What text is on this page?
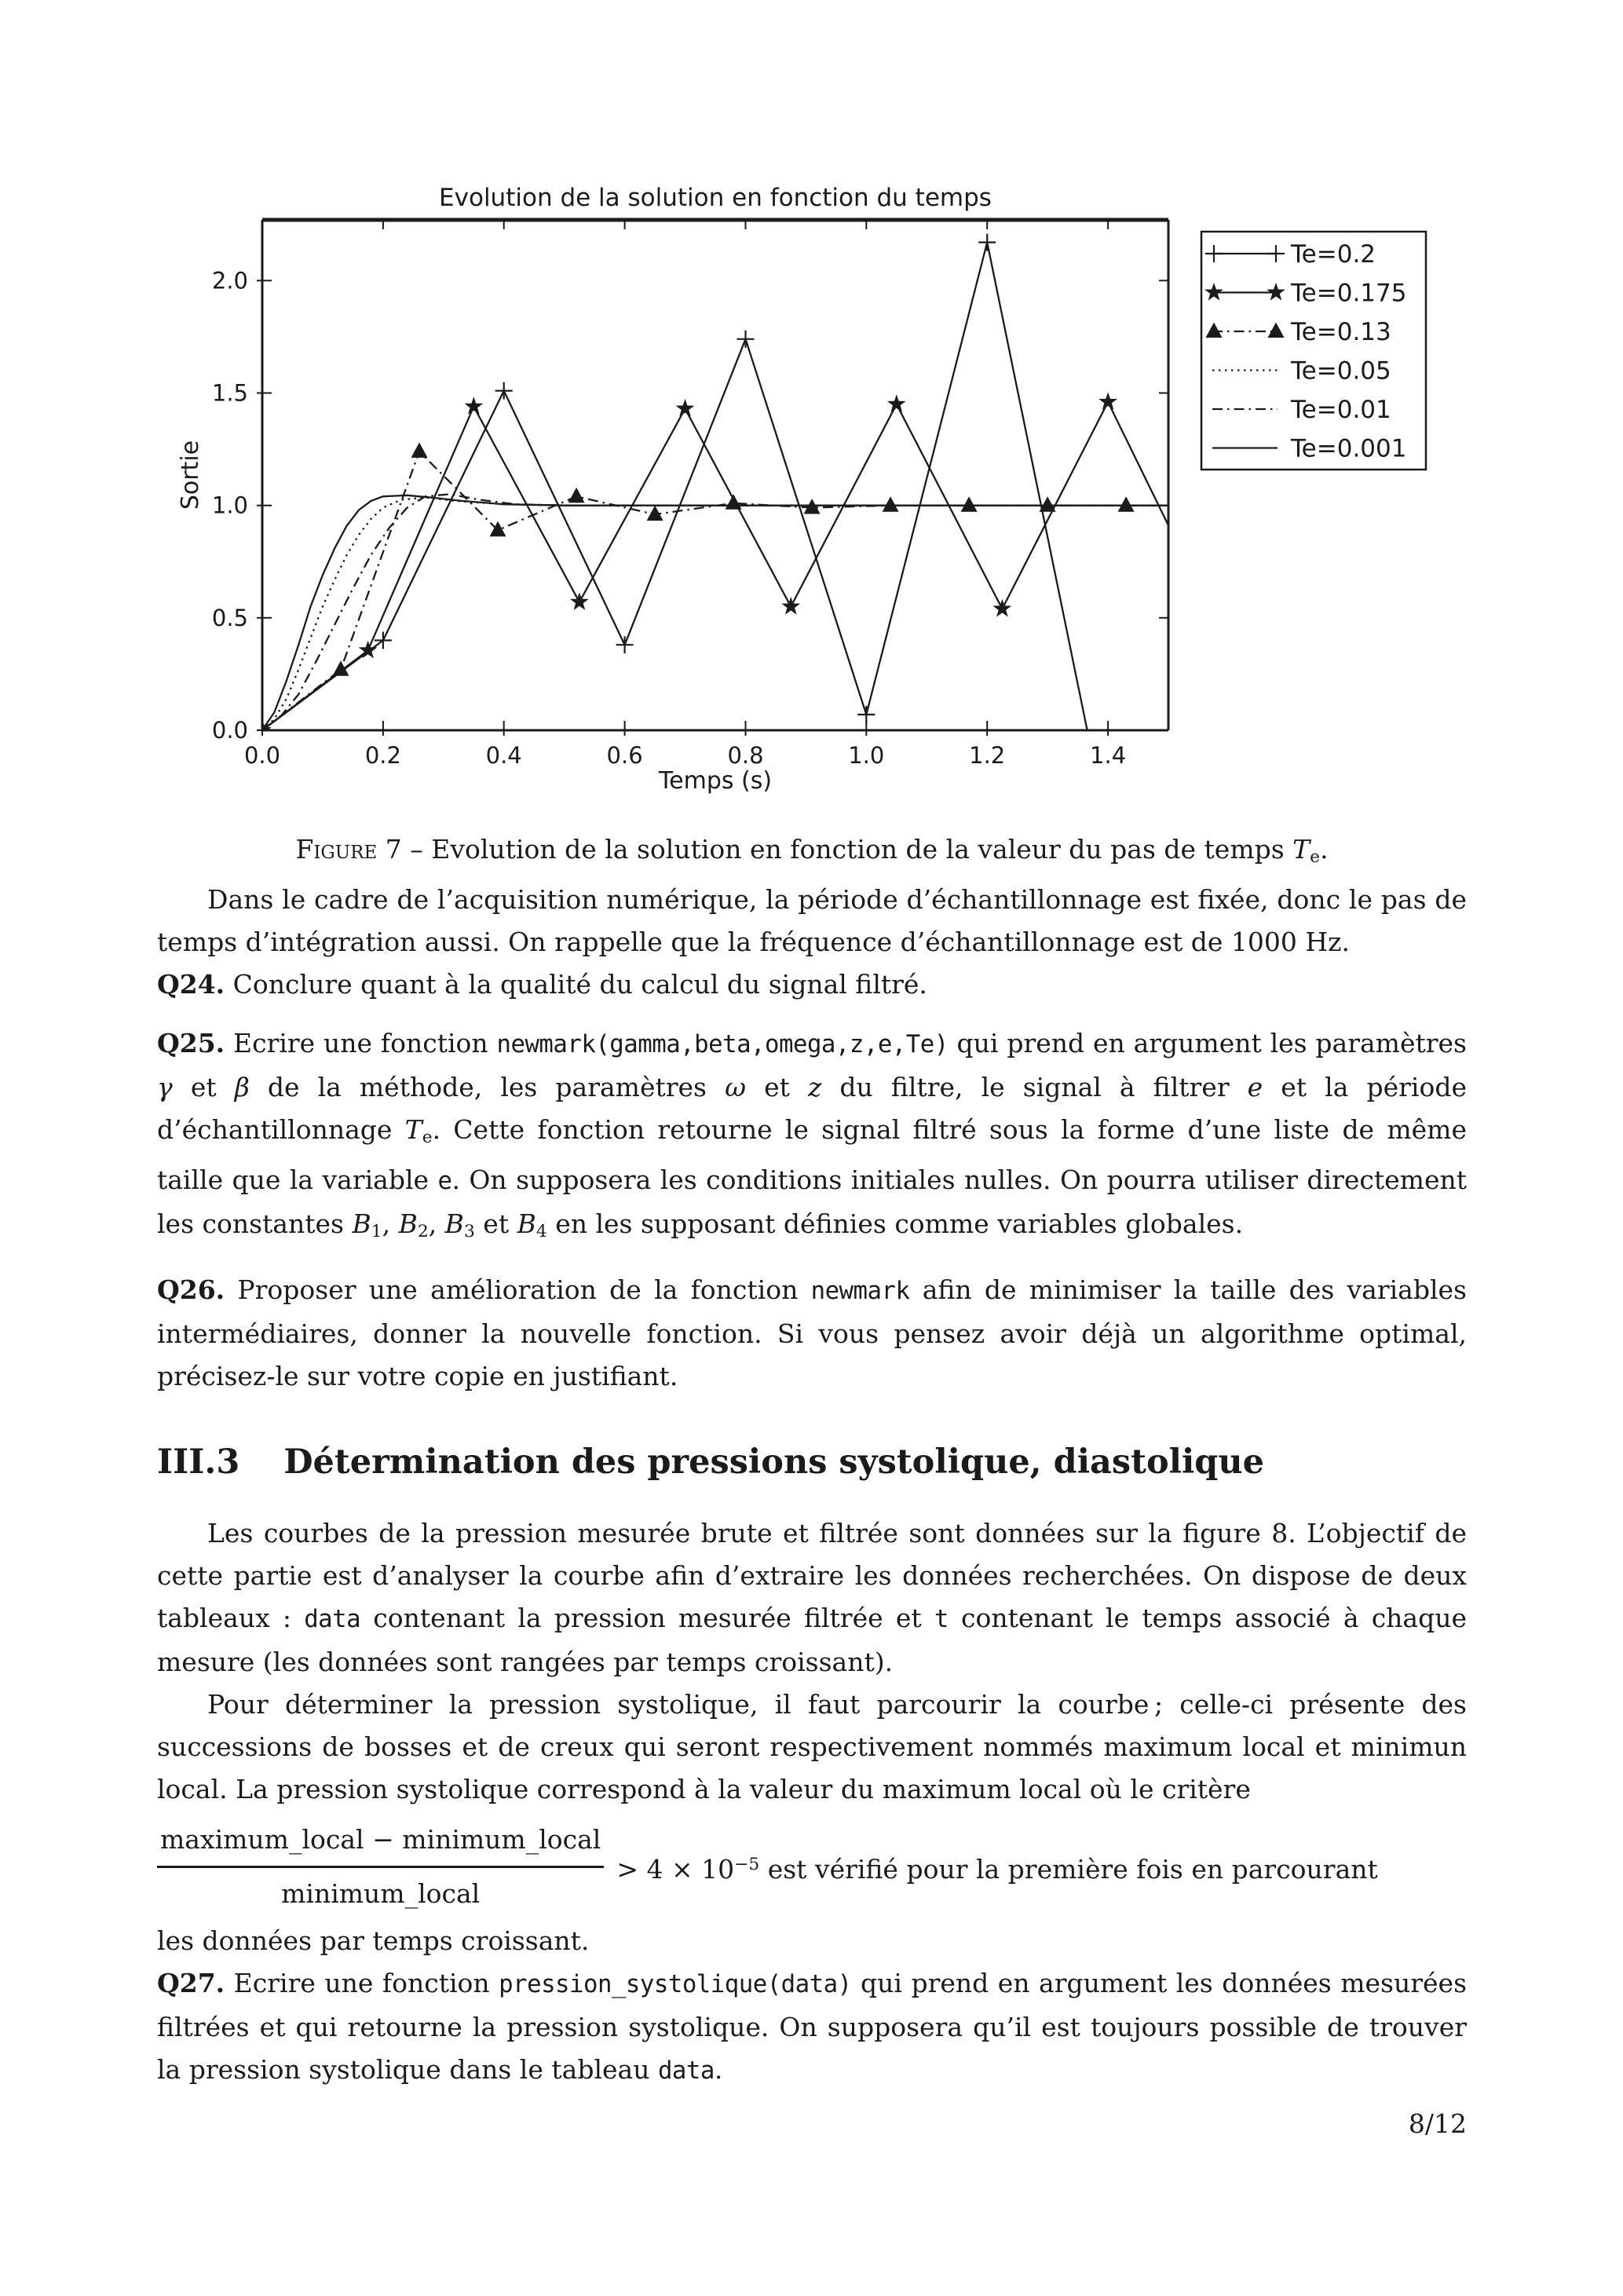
Evolution de la solution en fonction du temps
Sortie
Temps (s)
0.0	0.2	0.4	0.6	0.8	1.0	1.2	1.4
0.0
0.5
1.0
1.5
2.0
Te=0.2
Te=0.175
Te=0.13
Te=0.05
Te=0.01
Te=0.001
Figure 7 – Evolution de la solution en fonction de la valeur du pas de temps $T_e$.

Dans le cadre de l’acquisition numérique, la période d’échantillonnage est fixée, donc le pas de temps d’intégration aussi. On rappelle que la fréquence d’échantillonnage est de 1000 Hz.

Q24. Conclure quant à la qualité du calcul du signal filtré.

Q25. Ecrire une fonction newmark(gamma,beta,omega,z,e,Te) qui prend en argument les paramètres γ et β de la méthode, les paramètres ω et z du filtre, le signal à filtrer e et la période d’échantillonnage $T_e$. Cette fonction retourne le signal filtré sous la forme d’une liste de même taille que la variable e. On supposera les conditions initiales nulles. On pourra utiliser directement les constantes $B_1$, $B_2$, $B_3$ et $B_4$ en les supposant définies comme variables globales.

Q26. Proposer une amélioration de la fonction newmark afin de minimiser la taille des variables intermédiaires, donner la nouvelle fonction. Si vous pensez avoir déjà un algorithme optimal, précisez-le sur votre copie en justifiant.

III.3 Détermination des pressions systolique, diastolique

Les courbes de la pression mesurée brute et filtrée sont données sur la figure 8. L’objectif de cette partie est d’analyser la courbe afin d’extraire les données recherchées. On dispose de deux tableaux : data contenant la pression mesurée filtrée et t contenant le temps associé à chaque mesure (les données sont rangées par temps croissant).

Pour déterminer la pression systolique, il faut parcourir la courbe ; celle-ci présente des successions de bosses et de creux qui seront respectivement nommés maximum local et minimun local. La pression systolique correspond à la valeur du maximum local où le critère

$\frac{\text{maximum\_local − minimum\_local}}{\text{minimum\_local}} > 4 \times 10^{-5}$ est vérifié pour la première fois en parcourant

les données par temps croissant.

Q27. Ecrire une fonction pression_systolique(data) qui prend en argument les données mesurées filtrées et qui retourne la pression systolique. On supposera qu’il est toujours possible de trouver la pression systolique dans le tableau data.

8/12
